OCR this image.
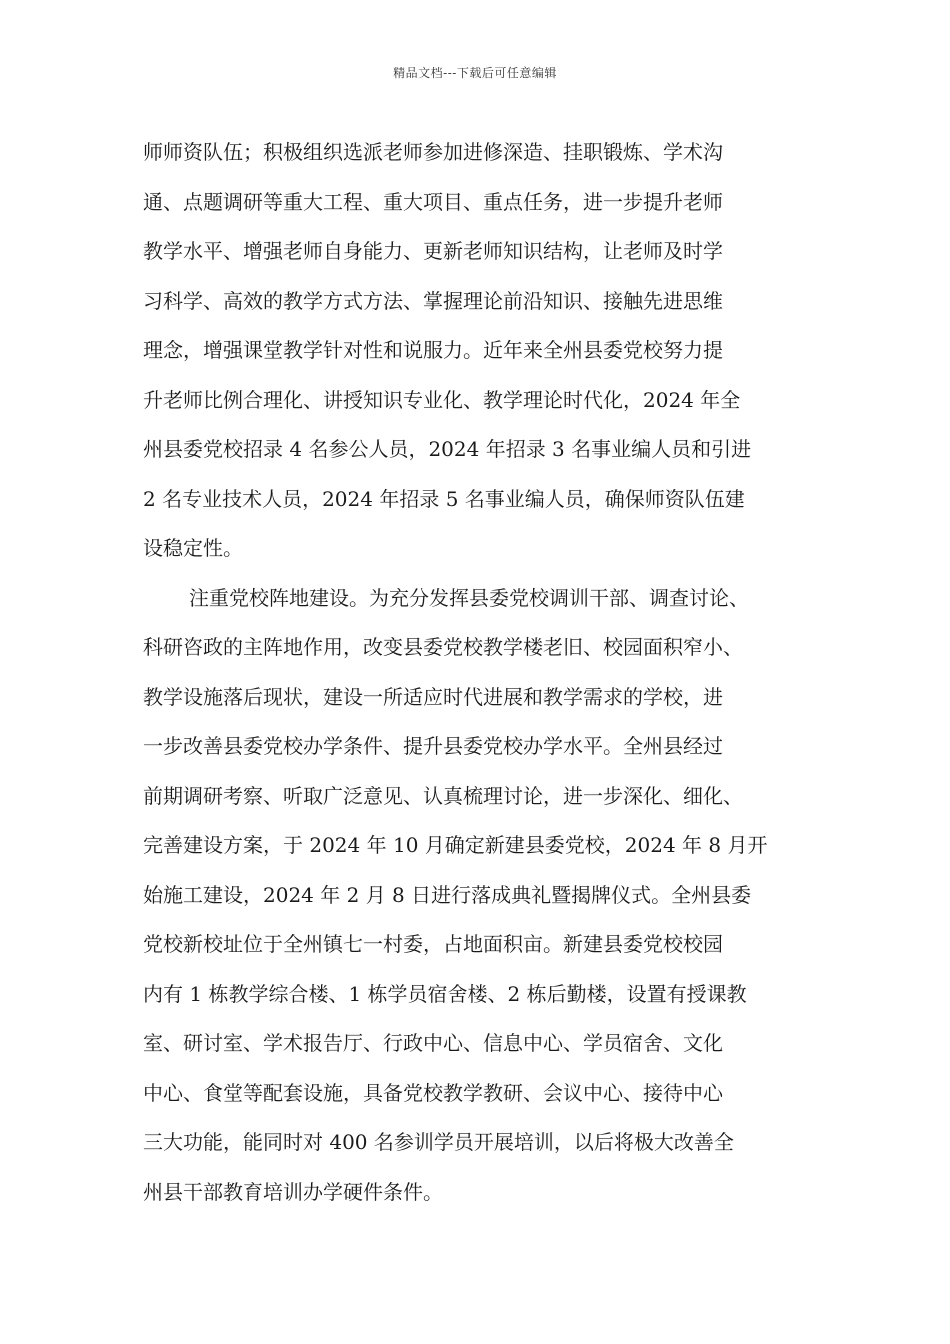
精品文档---下载后可任意编辑
师师资队伍；积极组织选派老师参加进修深造、挂职锻炼、学术沟
通、点题调研等重大工程、重大项目、重点任务，进一步提升老师
教学水平、增强老师自身能力、更新老师知识结构，让老师及时学
习科学、高效的教学方式方法、掌握理论前沿知识、接触先进思维
理念，增强课堂教学针对性和说服力。近年来全州县委党校努力提
升老师比例合理化、讲授知识专业化、教学理论时代化，2024 年全
州县委党校招录 4 名参公人员，2024 年招录 3 名事业编人员和引进
2 名专业技术人员，2024 年招录 5 名事业编人员，确保师资队伍建
设稳定性。
注重党校阵地建设。为充分发挥县委党校调训干部、调查讨论、
科研咨政的主阵地作用，改变县委党校教学楼老旧、校园面积窄小、
教学设施落后现状，建设一所适应时代进展和教学需求的学校，进
一步改善县委党校办学条件、提升县委党校办学水平。全州县经过
前期调研考察、听取广泛意见、认真梳理讨论，进一步深化、细化、
完善建设方案，于 2024 年 10 月确定新建县委党校，2024 年 8 月开
始施工建设，2024 年 2 月 8 日进行落成典礼暨揭牌仪式。全州县委
党校新校址位于全州镇七一村委，占地面积亩。新建县委党校校园
内有 1 栋教学综合楼、1 栋学员宿舍楼、2 栋后勤楼，设置有授课教
室、研讨室、学术报告厅、行政中心、信息中心、学员宿舍、文化
中心、食堂等配套设施，具备党校教学教研、会议中心、接待中心
三大功能，能同时对 400 名参训学员开展培训，以后将极大改善全
州县干部教育培训办学硬件条件。
